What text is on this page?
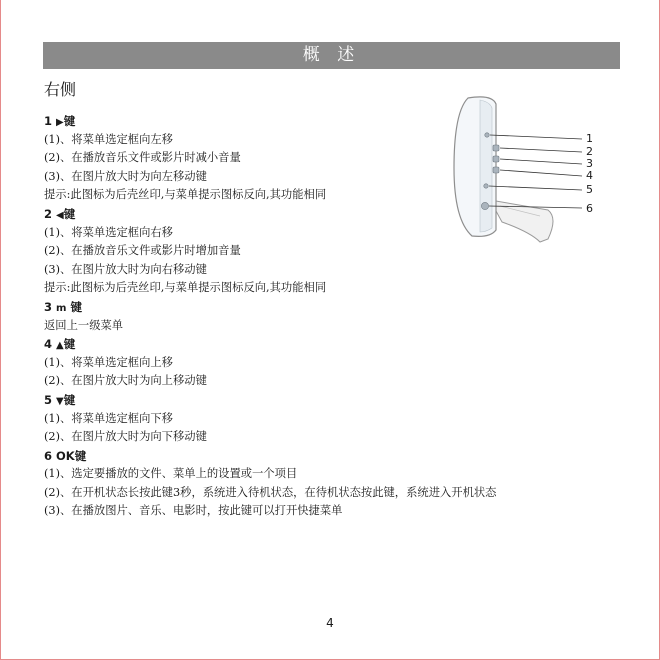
概 述
右侧
1 ▶键
(1)、将菜单选定框向左移
(2)、在播放音乐文件或影片时减小音量
(3)、在图片放大时为向左移动键
提示:此图标为后壳丝印,与菜单提示图标反向,其功能相同
2 ◀键
(1)、将菜单选定框向右移
(2)、在播放音乐文件或影片时增加音量
(3)、在图片放大时为向右移动键
提示:此图标为后壳丝印,与菜单提示图标反向,其功能相同
3 m 键
返回上一级菜单
4 ▲键
(1)、将菜单选定框向上移
(2)、在图片放大时为向上移动键
5 ▼键
(1)、将菜单选定框向下移
(2)、在图片放大时为向下移动键
6 OK键
(1)、选定要播放的文件、菜单上的设置或一个项目
(2)、在开机状态长按此键3秒，系统进入待机状态，在待机状态按此键，系统进入开机状态
(3)、在播放图片、音乐、电影时，按此键可以打开快捷菜单
1
2
3
4
5
6
4
